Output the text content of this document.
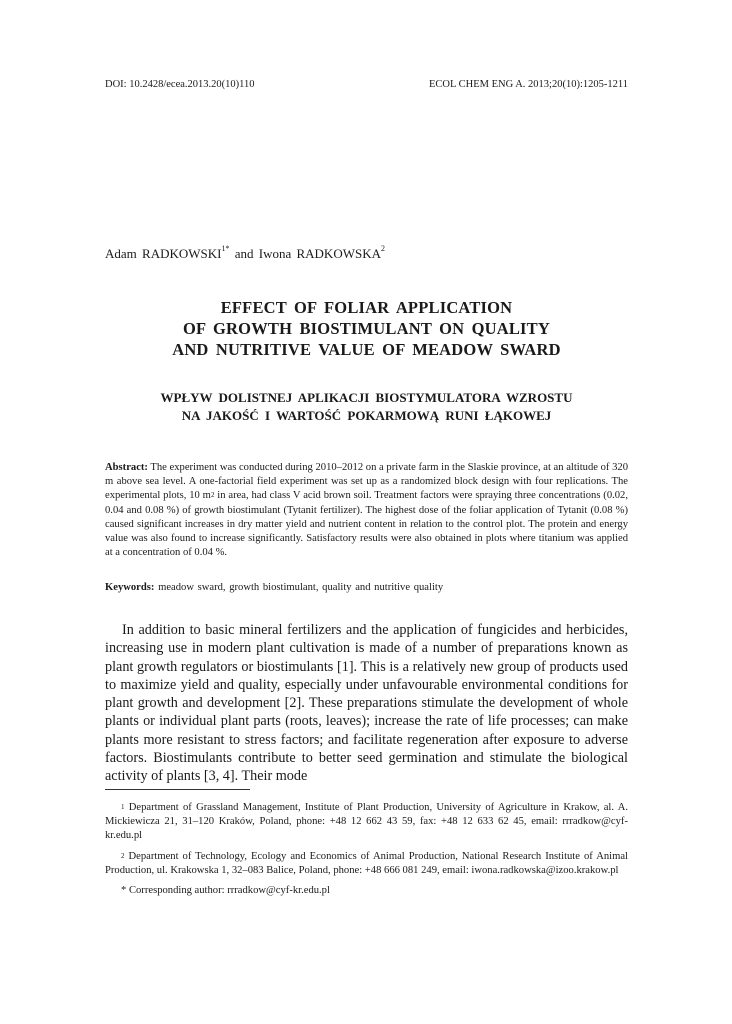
DOI: 10.2428/ecea.2013.20(10)110	ECOL CHEM ENG A. 2013;20(10):1205-1211
Adam $RADKOWSKI^{1*}$ and Iwona RADKOWSKA$^2$
EFFECT OF FOLIAR APPLICATION
OF GROWTH BIOSTIMULANT ON QUALITY
AND NUTRITIVE VALUE OF MEADOW SWARD
WPŁYW DOLISTNEJ APLIKACJI BIOSTYMULATORA WZROSTU
NA JAKOŚĆ I WARTOŚĆ POKARMOWĄ RUNI ŁĄKOWEJ
Abstract: The experiment was conducted during 2010–2012 on a private farm in the Slaskie province, at an altitude of 320 m above sea level. A one-factorial field experiment was set up as a randomized block design with four replications. The experimental plots, 10 $m^2$ in area, had class V acid brown soil. Treatment factors were spraying three concentrations (0.02, 0.04 and 0.08 %) of growth biostimulant (Tytanit fertilizer). The highest dose of the foliar application of Tytanit (0.08 %) caused significant increases in dry matter yield and nutrient content in relation to the control plot. The protein and energy value was also found to increase significantly. Satisfactory results were also obtained in plots where titanium was applied at a concentration of 0.04 %.
Keywords: meadow sward, growth biostimulant, quality and nutritive quality
In addition to basic mineral fertilizers and the application of fungicides and herbicides, increasing use in modern plant cultivation is made of a number of preparations known as plant growth regulators or biostimulants [1]. This is a relatively new group of products used to maximize yield and quality, especially under unfavourable environmental conditions for plant growth and development [2]. These preparations stimulate the development of whole plants or individual plant parts (roots, leaves); increase the rate of life processes; can make plants more resistant to stress factors; and facilitate regeneration after exposure to adverse factors. Biostimulants contribute to better seed germination and stimulate the biological activity of plants [3, 4]. Their mode

$^1$ Department of Grassland Management, Institute of Plant Production, University of Agriculture in Krakow, al. A. Mickiewicza 21, 31–120 Kraków, Poland, phone: +48 12 662 43 59, fax: +48 12 633 62 45, email: rrradkow@cyf-kr.edu.pl

$^2$ Department of Technology, Ecology and Economics of Animal Production, National Research Institute of Animal Production, ul. Krakowska 1, 32–083 Balice, Poland, phone: +48 666 081 249, email: iwona.radkowska@izoo.krakow.pl

* Corresponding author: rrradkow@cyf-kr.edu.pl
